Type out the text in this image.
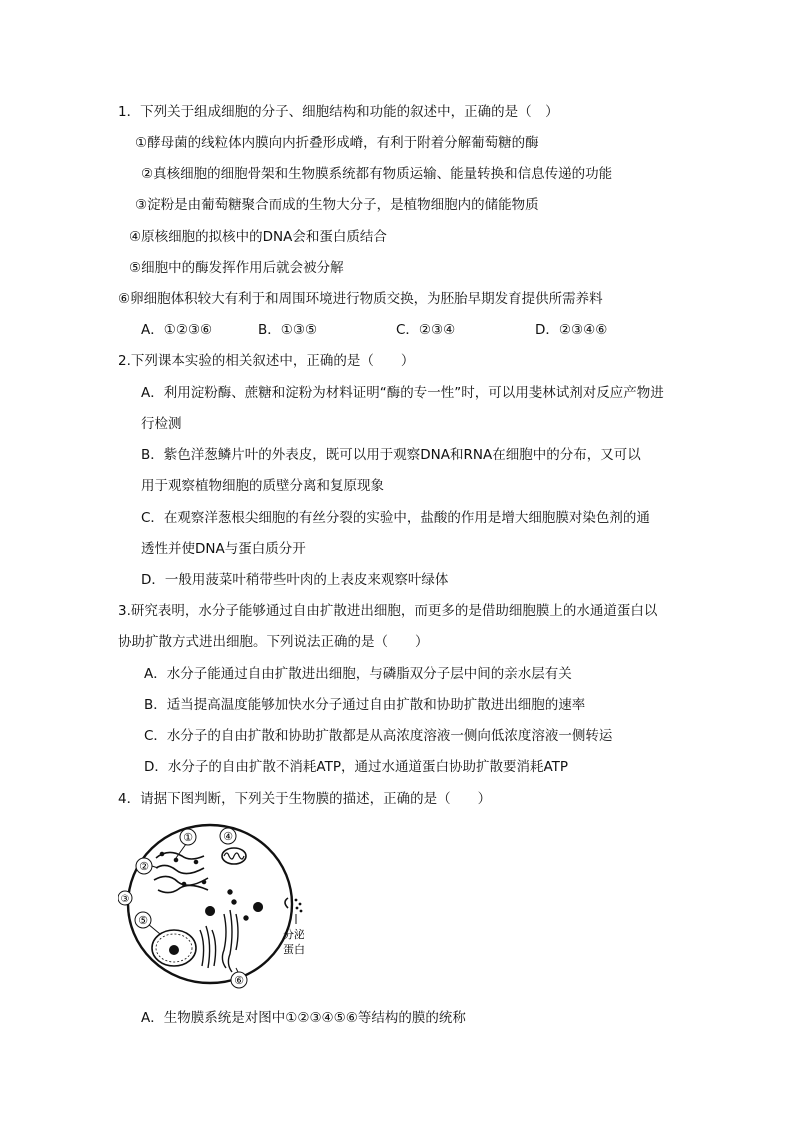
1．下列关于组成细胞的分子、细胞结构和功能的叙述中，正确的是（　）
①酵母菌的线粒体内膜向内折叠形成嵴，有利于附着分解葡萄糖的酶
②真核细胞的细胞骨架和生物膜系统都有物质运输、能量转换和信息传递的功能
③淀粉是由葡萄糖聚合而成的生物大分子，是植物细胞内的储能物质
④原核细胞的拟核中的DNA会和蛋白质结合
⑤细胞中的酶发挥作用后就会被分解
⑥卵细胞体积较大有利于和周围环境进行物质交换，为胚胎早期发育提供所需养料
A．①②③⑥	B．①③⑤	C．②③④	D．②③④⑥
2.下列课本实验的相关叙述中，正确的是（　　）
A．利用淀粉酶、蔗糖和淀粉为材料证明“酶的专一性”时，可以用斐林试剂对反应产物进
行检测
B．紫色洋葱鳞片叶的外表皮，既可以用于观察DNA和RNA在细胞中的分布，又可以
用于观察植物细胞的质壁分离和复原现象
C．在观察洋葱根尖细胞的有丝分裂的实验中，盐酸的作用是增大细胞膜对染色剂的通
透性并使DNA与蛋白质分开
D．一般用菠菜叶稍带些叶肉的上表皮来观察叶绿体
3.研究表明，水分子能够通过自由扩散进出细胞，而更多的是借助细胞膜上的水通道蛋白以
协助扩散方式进出细胞。下列说法正确的是（　　）
A．水分子能通过自由扩散进出细胞，与磷脂双分子层中间的亲水层有关
B．适当提高温度能够加快水分子通过自由扩散和协助扩散进出细胞的速率
C．水分子的自由扩散和协助扩散都是从高浓度溶液一侧向低浓度溶液一侧转运
D．水分子的自由扩散不消耗ATP，通过水通道蛋白协助扩散要消耗ATP
4．请据下图判断，下列关于生物膜的描述，正确的是（　　）
①
②
③
④
⑤
⑥
分泌
蛋白
A．生物膜系统是对图中①②③④⑤⑥等结构的膜的统称
